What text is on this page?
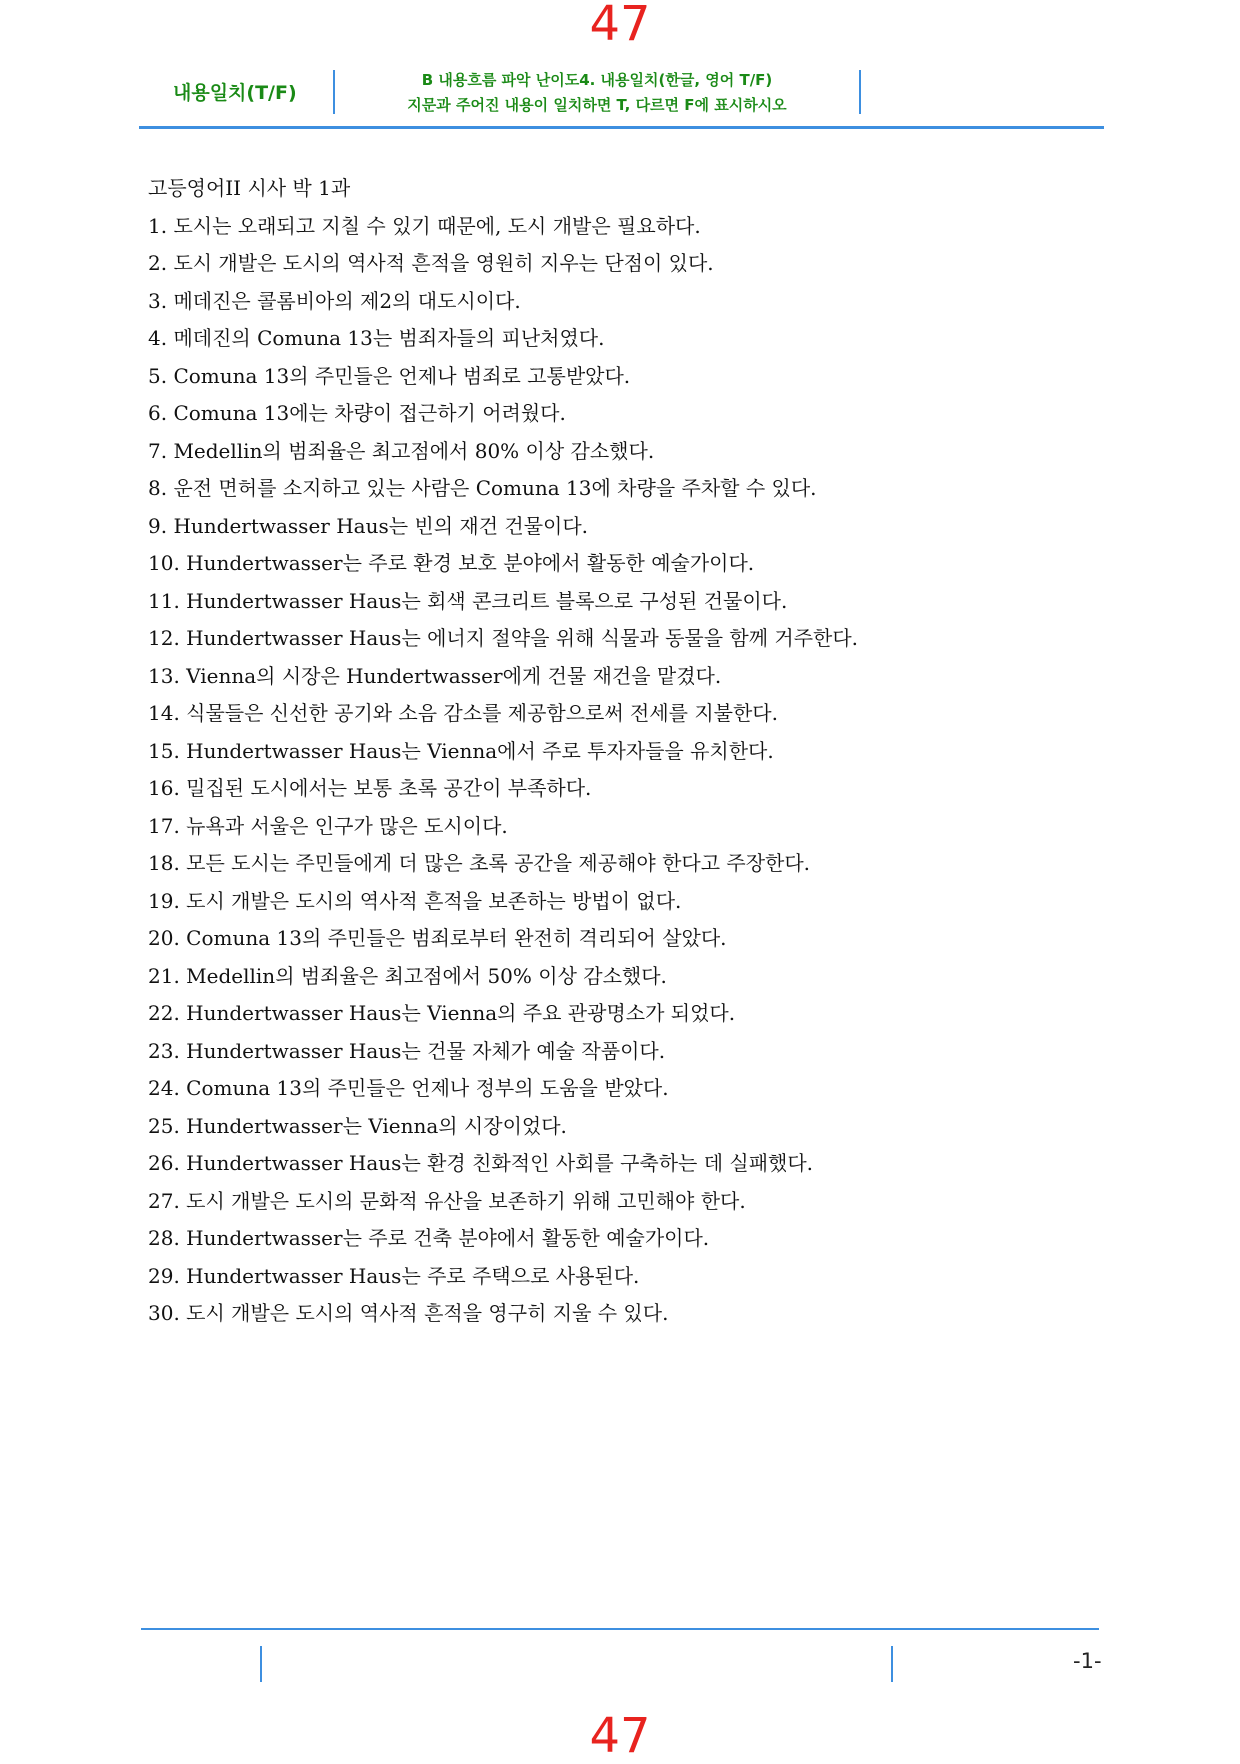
47
내용일치(T/F)
B 내용흐름 파악 난이도4. 내용일치(한글, 영어 T/F)
지문과 주어진 내용이 일치하면 T, 다르면 F에 표시하시오
고등영어II 시사 박 1과
1. 도시는 오래되고 지칠 수 있기 때문에, 도시 개발은 필요하다.
2. 도시 개발은 도시의 역사적 흔적을 영원히 지우는 단점이 있다.
3. 메데진은 콜롬비아의 제2의 대도시이다.
4. 메데진의 Comuna 13는 범죄자들의 피난처였다.
5. Comuna 13의 주민들은 언제나 범죄로 고통받았다.
6. Comuna 13에는 차량이 접근하기 어려웠다.
7. Medellin의 범죄율은 최고점에서 80% 이상 감소했다.
8. 운전 면허를 소지하고 있는 사람은 Comuna 13에 차량을 주차할 수 있다.
9. Hundertwasser Haus는 빈의 재건 건물이다.
10. Hundertwasser는 주로 환경 보호 분야에서 활동한 예술가이다.
11. Hundertwasser Haus는 회색 콘크리트 블록으로 구성된 건물이다.
12. Hundertwasser Haus는 에너지 절약을 위해 식물과 동물을 함께 거주한다.
13. Vienna의 시장은 Hundertwasser에게 건물 재건을 맡겼다.
14. 식물들은 신선한 공기와 소음 감소를 제공함으로써 전세를 지불한다.
15. Hundertwasser Haus는 Vienna에서 주로 투자자들을 유치한다.
16. 밀집된 도시에서는 보통 초록 공간이 부족하다.
17. 뉴욕과 서울은 인구가 많은 도시이다.
18. 모든 도시는 주민들에게 더 많은 초록 공간을 제공해야 한다고 주장한다.
19. 도시 개발은 도시의 역사적 흔적을 보존하는 방법이 없다.
20. Comuna 13의 주민들은 범죄로부터 완전히 격리되어 살았다.
21. Medellin의 범죄율은 최고점에서 50% 이상 감소했다.
22. Hundertwasser Haus는 Vienna의 주요 관광명소가 되었다.
23. Hundertwasser Haus는 건물 자체가 예술 작품이다.
24. Comuna 13의 주민들은 언제나 정부의 도움을 받았다.
25. Hundertwasser는 Vienna의 시장이었다.
26. Hundertwasser Haus는 환경 친화적인 사회를 구축하는 데 실패했다.
27. 도시 개발은 도시의 문화적 유산을 보존하기 위해 고민해야 한다.
28. Hundertwasser는 주로 건축 분야에서 활동한 예술가이다.
29. Hundertwasser Haus는 주로 주택으로 사용된다.
30. 도시 개발은 도시의 역사적 흔적을 영구히 지울 수 있다.
-1-
47
